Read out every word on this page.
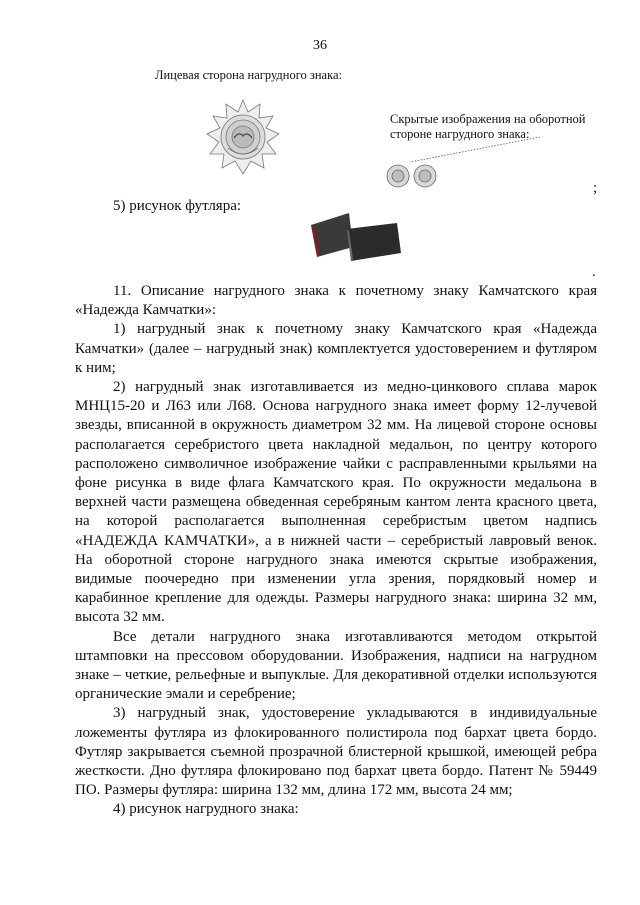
36
Лицевая сторона нагрудного знака:
Скрытые изображения на оборотной стороне нагрудного знака:
;
5) рисунок футляра:
.

11. Описание нагрудного знака к почетному знаку Камчатского края «Надежда Камчатки»:

1) нагрудный знак к почетному знаку Камчатского края «Надежда Камчатки» (далее – нагрудный знак) комплектуется удостоверением и футляром к ним;

2) нагрудный знак изготавливается из медно-цинкового сплава марок МНЦ15-20 и Л63 или Л68. Основа нагрудного знака имеет форму 12-лучевой звезды, вписанной в окружность диаметром 32 мм. На лицевой стороне основы располагается серебристого цвета накладной медальон, по центру которого расположено символичное изображение чайки с расправленными крыльями на фоне рисунка в виде флага Камчатского края. По окружности медальона в верхней части размещена обведенная серебряным кантом лента красного цвета, на которой располагается выполненная серебристым цветом надпись «НАДЕЖДА КАМЧАТКИ», а в нижней части – серебристый лавровый венок. На оборотной стороне нагрудного знака имеются скрытые изображения, видимые поочередно при изменении угла зрения, порядковый номер и карабинное крепление для одежды. Размеры нагрудного знака: ширина 32 мм, высота 32 мм.

Все детали нагрудного знака изготавливаются методом открытой штамповки на прессовом оборудовании. Изображения, надписи на нагрудном знаке – четкие, рельефные и выпуклые. Для декоративной отделки используются органические эмали и серебрение;

3) нагрудный знак, удостоверение укладываются в индивидуальные ложементы футляра из флокированного полистирола под бархат цвета бордо. Футляр закрывается съемной прозрачной блистерной крышкой, имеющей ребра жесткости. Дно футляра флокировано под бархат цвета бордо. Патент № 59449 ПО. Размеры футляра: ширина 132 мм, длина 172 мм, высота 24 мм;

4) рисунок нагрудного знака:
